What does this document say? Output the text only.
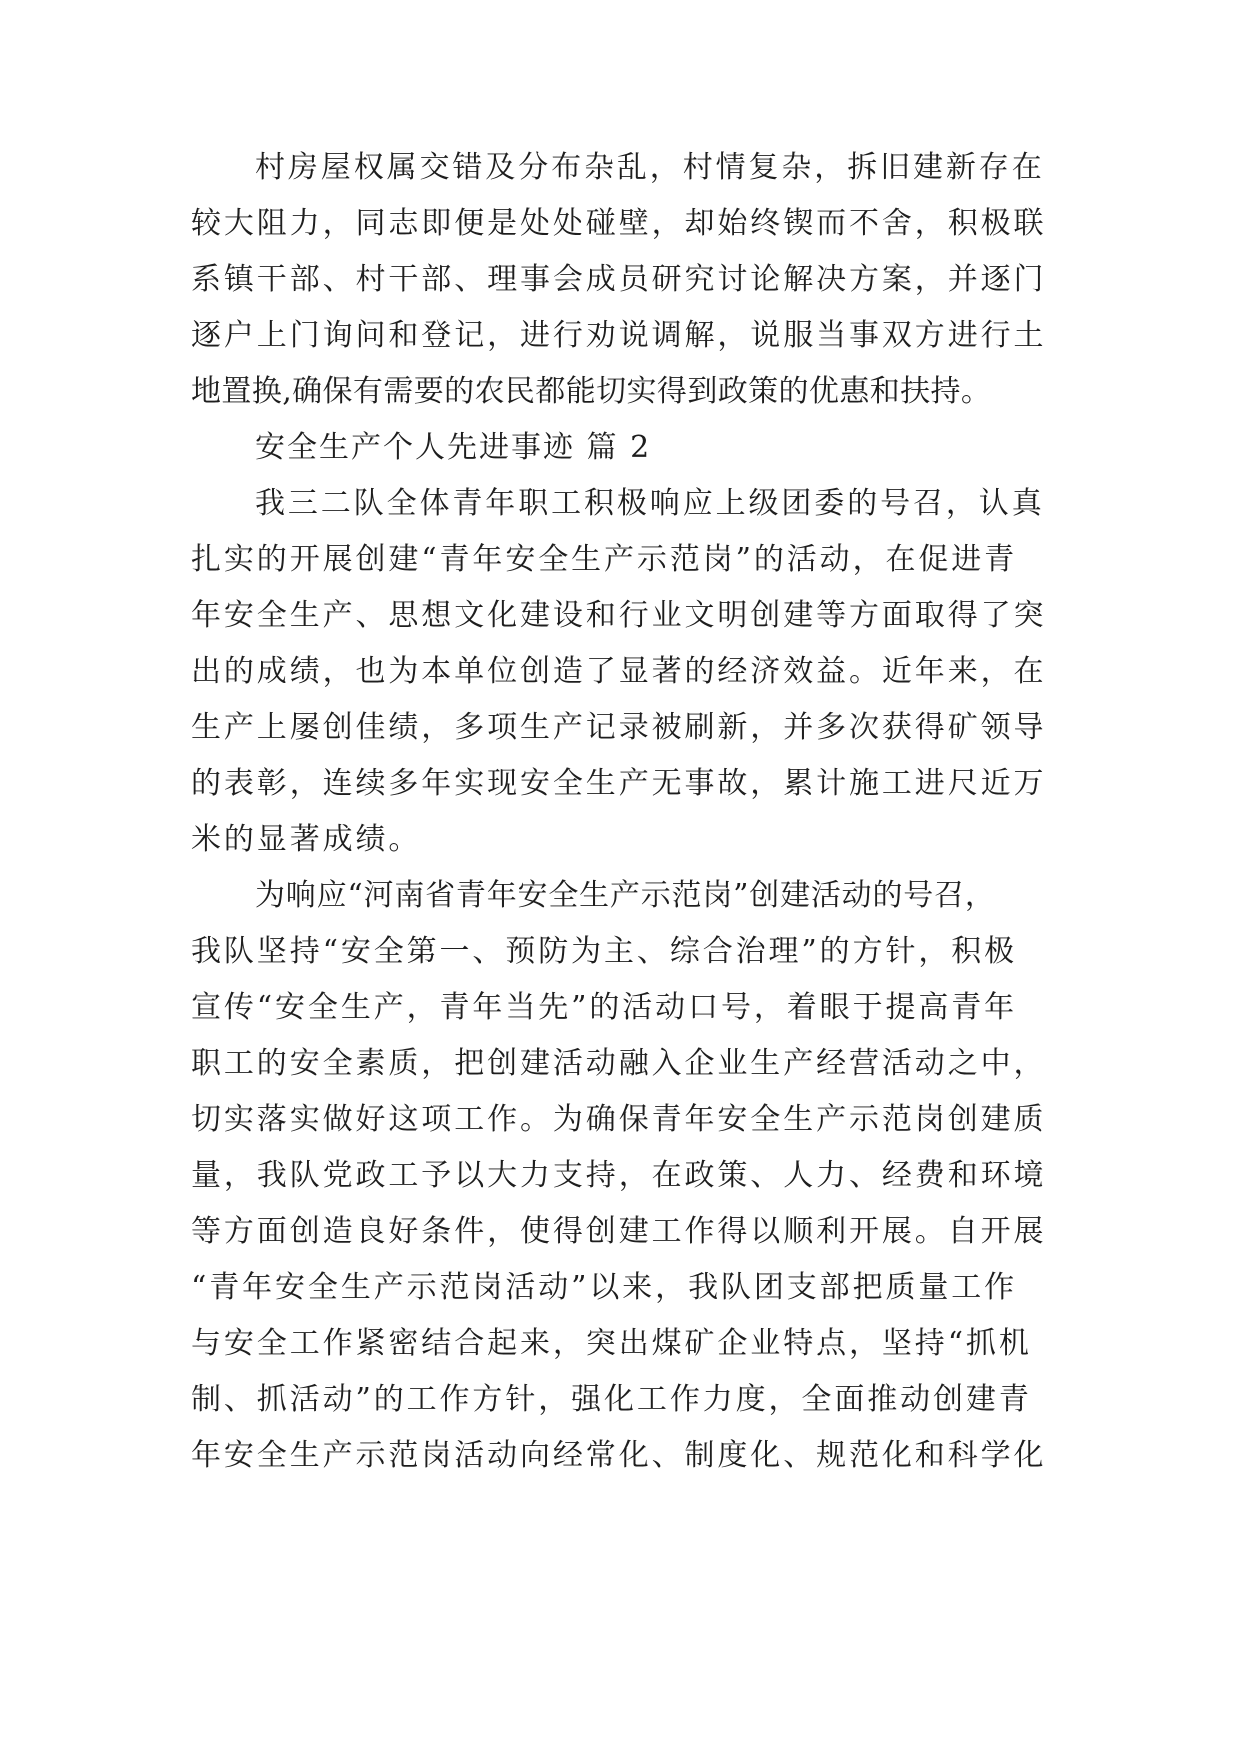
村房屋权属交错及分布杂乱，村情复杂，拆旧建新存在
较大阻力，同志即便是处处碰壁，却始终锲而不舍，积极联
系镇干部、村干部、理事会成员研究讨论解决方案，并逐门
逐户上门询问和登记，进行劝说调解，说服当事双方进行土
地置换,确保有需要的农民都能切实得到政策的优惠和扶持。
安全生产个人先进事迹 篇 2
我三二队全体青年职工积极响应上级团委的号召，认真
扎实的开展创建“青年安全生产示范岗”的活动，在促进青
年安全生产、思想文化建设和行业文明创建等方面取得了突
出的成绩，也为本单位创造了显著的经济效益。近年来，在
生产上屡创佳绩，多项生产记录被刷新，并多次获得矿领导
的表彰，连续多年实现安全生产无事故，累计施工进尺近万
米的显著成绩。
为响应“河南省青年安全生产示范岗”创建活动的号召，
我队坚持“安全第一、预防为主、综合治理”的方针，积极
宣传“安全生产，青年当先”的活动口号，着眼于提高青年
职工的安全素质，把创建活动融入企业生产经营活动之中，
切实落实做好这项工作。为确保青年安全生产示范岗创建质
量，我队党政工予以大力支持，在政策、人力、经费和环境
等方面创造良好条件，使得创建工作得以顺利开展。自开展
“青年安全生产示范岗活动”以来，我队团支部把质量工作
与安全工作紧密结合起来，突出煤矿企业特点，坚持“抓机
制、抓活动”的工作方针，强化工作力度，全面推动创建青
年安全生产示范岗活动向经常化、制度化、规范化和科学化
